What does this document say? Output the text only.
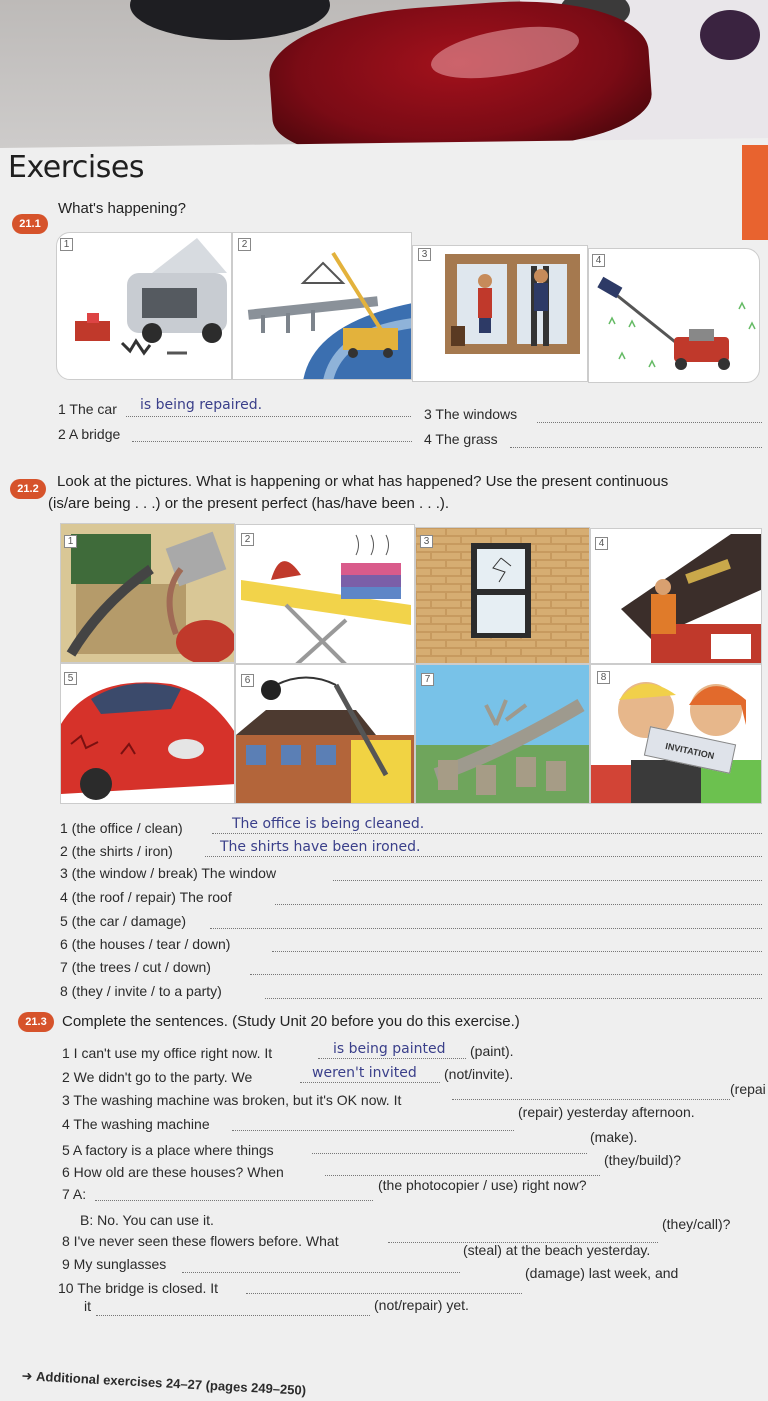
Exercises
21.1
What's happening?
1	2
3
4
1 The car is being repaired.
2 A bridge
3 The windows
4 The grass
21.2	Look at the pictures. What is happening or what has happened? Use the present continuous
(is/are being . . .) or the present perfect (has/have been . . .).
1	2	3	4
5	6	7
INVITATION
8
1 (the office / clean)	The office is being cleaned.
2 (the shirts / iron)	The shirts have been ironed.
3 (the window / break) The window
4 (the roof / repair) The roof
5 (the car / damage)
6 (the houses / tear / down)
7 (the trees / cut / down)
8 (they / invite / to a party)
21.3	Complete the sentences. (Study Unit 20 before you do this exercise.)
1 I can't use my office right now. It	is being painted (paint).
2 We didn't go to the party. We	weren't invited (not/invite).
3 The washing machine was broken, but it's OK now. It
(repai
4 The washing machine
(repair) yesterday afternoon.
5 A factory is a place where things
(make).
6 How old are these houses? When
(they/build)?
7 A:
(the photocopier / use) right now?
B: No. You can use it.
8 I've never seen these flowers before. What
(they/call)?
9 My sunglasses
(steal) at the beach yesterday.
10 The bridge is closed. It
(damage) last week, and
it	(not/repair) yet.
➜ Additional exercises 24–27 (pages 249–250)
